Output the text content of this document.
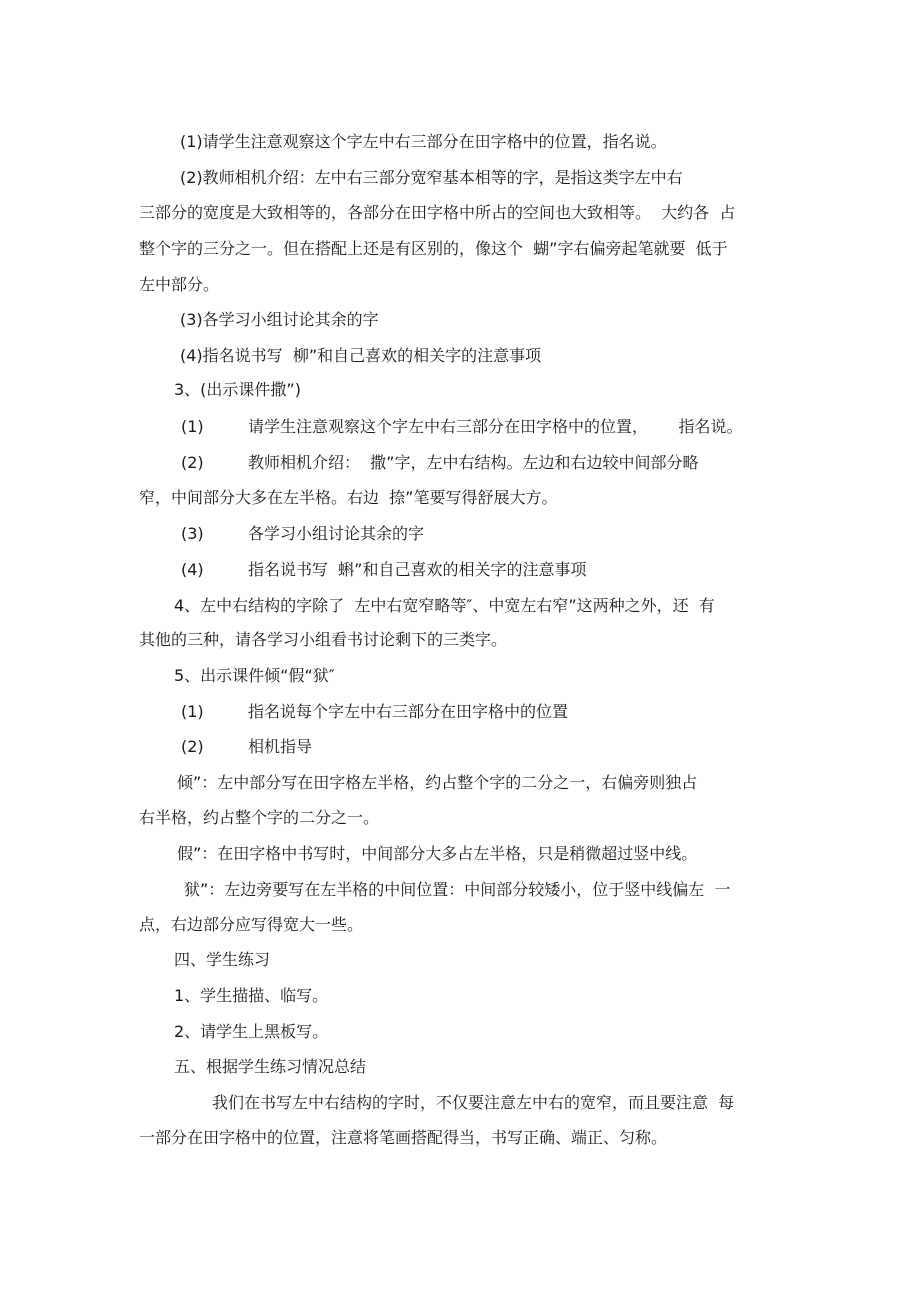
(1)请学生注意观察这个字左中右三部分在田字格中的位置，指名说。
(2)教师相机介绍：左中右三部分宽窄基本相等的字，是指这类字左中右
三部分的宽度是大致相等的，各部分在田字格中所占的空间也大致相等。  大约各  占
整个字的三分之一。但在搭配上还是有区别的，像这个  蝴”字右偏旁起笔就要  低于
左中部分。
(3)各学习小组讨论其余的字
(4)指名说书写  柳”和自己喜欢的相关字的注意事项
3、(出示课件撒”)
(1)	请学生注意观察这个字左中右三部分在田字格中的位置，      指名说。
(2)	教师相机介绍：  撒”字，左中右结构。左边和右边较中间部分略
窄，中间部分大多在左半格。右边  捺”笔要写得舒展大方。
(3)	各学习小组讨论其余的字
(4)	指名说书写  蝌”和自己喜欢的相关字的注意事项
4、左中右结构的字除了  左中右宽窄略等″、中宽左右窄”这两种之外，还  有
其他的三种，请各学习小组看书讨论剩下的三类字。
5、出示课件倾“假“狱″
(1)	指名说每个字左中右三部分在田字格中的位置
(2)	相机指导
倾”：左中部分写在田字格左半格，约占整个字的二分之一，右偏旁则独占
右半格，约占整个字的二分之一。
假”：在田字格中书写时，中间部分大多占左半格，只是稍微超过竖中线。
狱”：左边旁要写在左半格的中间位置：中间部分较矮小，位于竖中线偏左  一
点，右边部分应写得宽大一些。
四、学生练习
1、学生描描、临写。
2、请学生上黑板写。
五、根据学生练习情况总结
我们在书写左中右结构的字时，不仅要注意左中右的宽窄，而且要注意  每
一部分在田字格中的位置，注意将笔画搭配得当，书写正确、端正、匀称。
